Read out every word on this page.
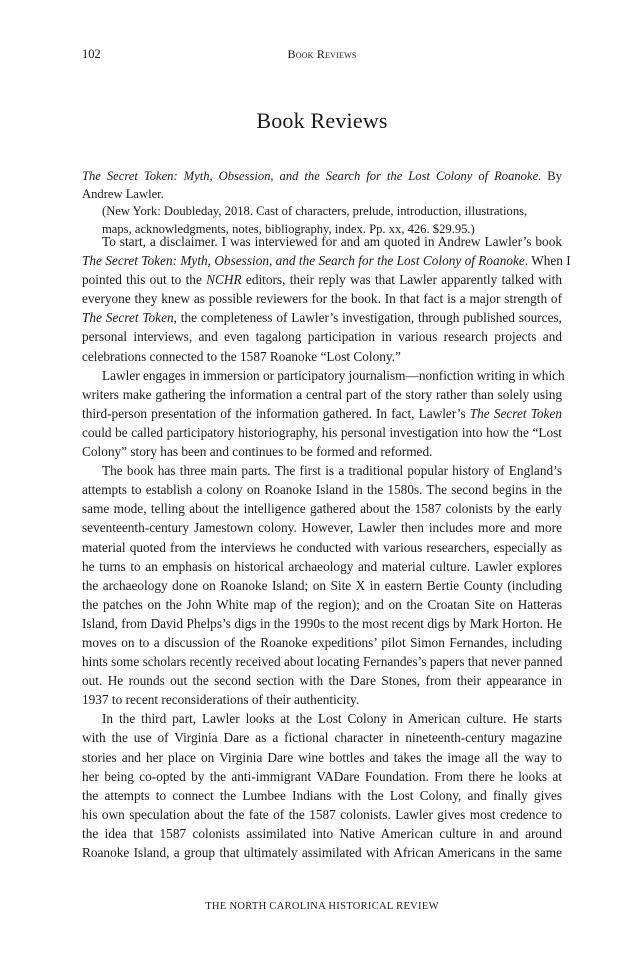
102	Book Reviews
Book Reviews
The Secret Token: Myth, Obsession, and the Search for the Lost Colony of Roanoke. By Andrew Lawler.
(New York: Doubleday, 2018. Cast of characters, prelude, introduction, illustrations,
maps, acknowledgments, notes, bibliography, index. Pp. xx, 426. $29.95.)
To start, a disclaimer. I was interviewed for and am quoted in Andrew Lawler’s book
The Secret Token: Myth, Obsession, and the Search for the Lost Colony of Roanoke. When I
pointed this out to the NCHR editors, their reply was that Lawler apparently talked with
everyone they knew as possible reviewers for the book. In that fact is a major strength of
The Secret Token, the completeness of Lawler’s investigation, through published sources,
personal interviews, and even tagalong participation in various research projects and
celebrations connected to the 1587 Roanoke “Lost Colony.”
Lawler engages in immersion or participatory journalism—nonfiction writing in which
writers make gathering the information a central part of the story rather than solely using
third-person presentation of the information gathered. In fact, Lawler’s The Secret Token
could be called participatory historiography, his personal investigation into how the “Lost
Colony” story has been and continues to be formed and reformed.
The book has three main parts. The first is a traditional popular history of England’s
attempts to establish a colony on Roanoke Island in the 1580s. The second begins in the
same mode, telling about the intelligence gathered about the 1587 colonists by the early
seventeenth-century Jamestown colony. However, Lawler then includes more and more
material quoted from the interviews he conducted with various researchers, especially as
he turns to an emphasis on historical archaeology and material culture. Lawler explores
the archaeology done on Roanoke Island; on Site X in eastern Bertie County (including
the patches on the John White map of the region); and on the Croatan Site on Hatteras
Island, from David Phelps’s digs in the 1990s to the most recent digs by Mark Horton. He
moves on to a discussion of the Roanoke expeditions’ pilot Simon Fernandes, including
hints some scholars recently received about locating Fernandes’s papers that never panned
out. He rounds out the second section with the Dare Stones, from their appearance in
1937 to recent reconsiderations of their authenticity.
In the third part, Lawler looks at the Lost Colony in American culture. He starts
with the use of Virginia Dare as a fictional character in nineteenth-century magazine
stories and her place on Virginia Dare wine bottles and takes the image all the way to
her being co-opted by the anti-immigrant VADare Foundation. From there he looks at
the attempts to connect the Lumbee Indians with the Lost Colony, and finally gives
his own speculation about the fate of the 1587 colonists. Lawler gives most credence to
the idea that 1587 colonists assimilated into Native American culture in and around
Roanoke Island, a group that ultimately assimilated with African Americans in the same
THE NORTH CAROLINA HISTORICAL REVIEW
